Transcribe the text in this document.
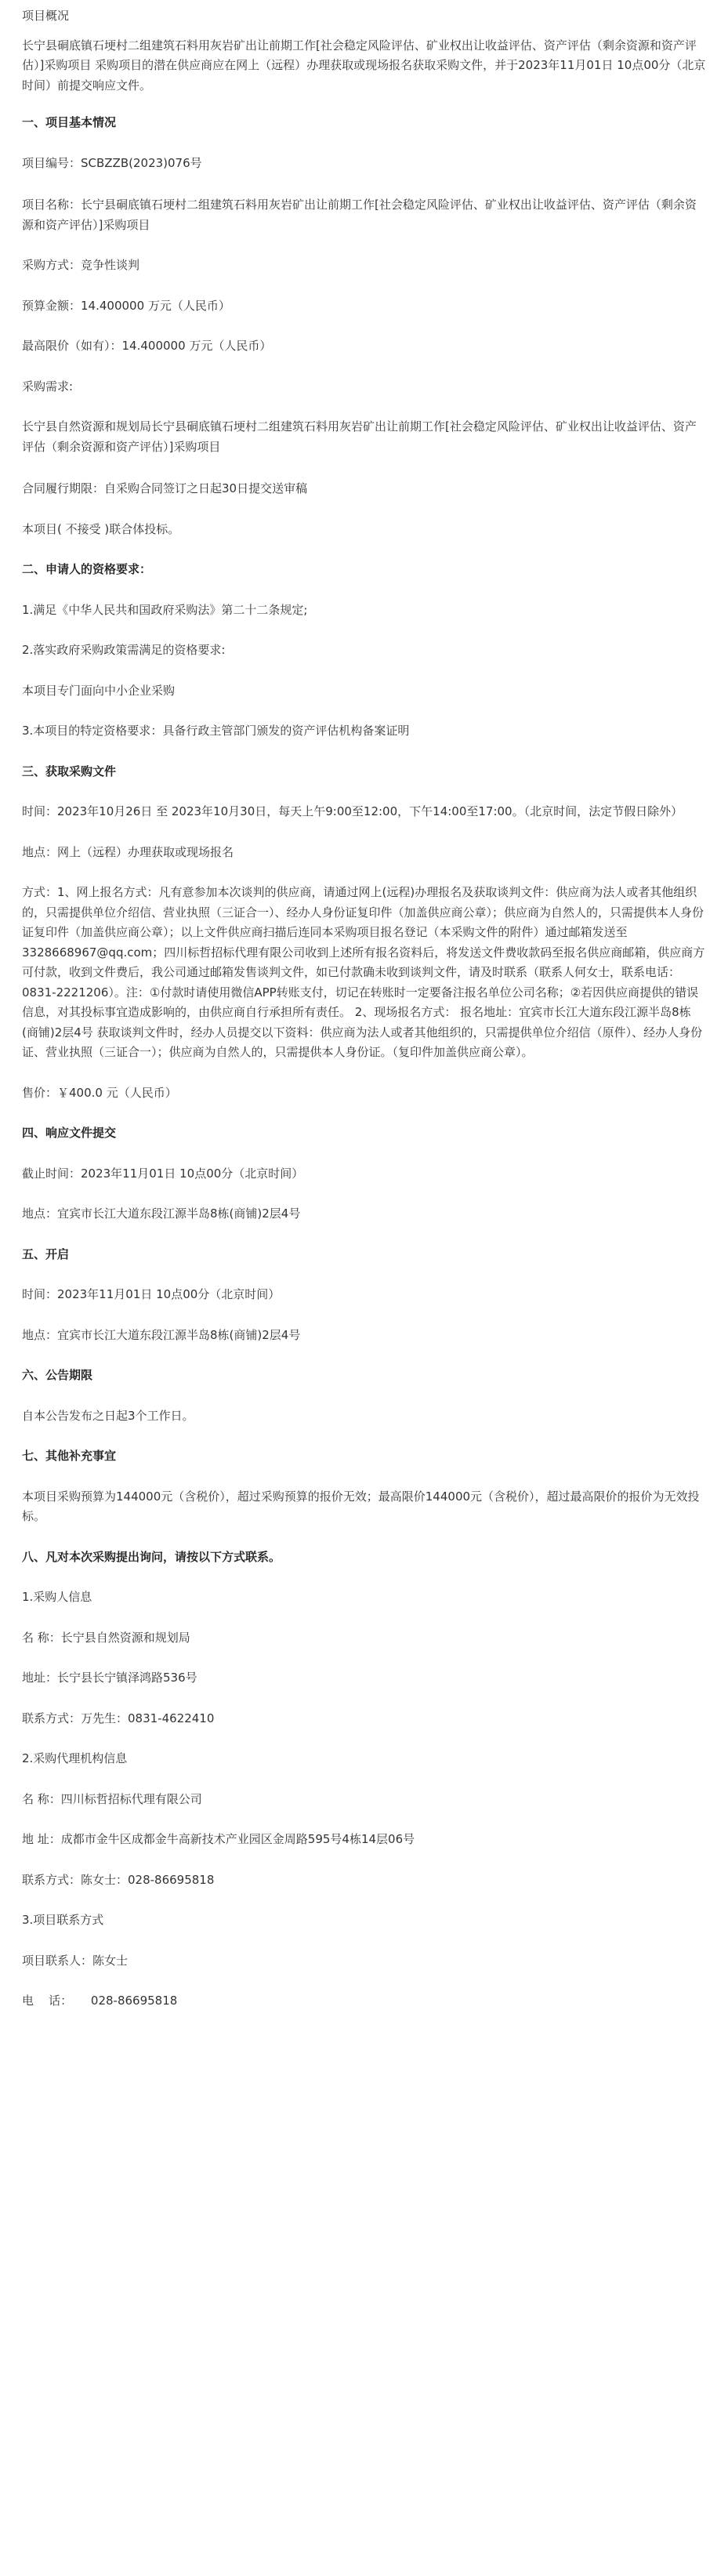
项目概况

长宁县硐底镇石埂村二组建筑石料用灰岩矿出让前期工作[社会稳定风险评估、矿业权出让收益评估、资产评估（剩余资源和资产评估）]采购项目 采购项目的潜在供应商应在网上（远程）办理获取或现场报名获取采购文件，并于2023年11月01日 10点00分（北京时间）前提交响应文件。

一、项目基本情况

项目编号：SCBZZB(2023)076号

项目名称：长宁县硐底镇石埂村二组建筑石料用灰岩矿出让前期工作[社会稳定风险评估、矿业权出让收益评估、资产评估（剩余资源和资产评估）]采购项目

采购方式：竞争性谈判

预算金额：14.400000 万元（人民币）

最高限价（如有）：14.400000 万元（人民币）

采购需求:

长宁县自然资源和规划局长宁县硐底镇石埂村二组建筑石料用灰岩矿出让前期工作[社会稳定风险评估、矿业权出让收益评估、资产评估（剩余资源和资产评估）]采购项目

合同履行期限：自采购合同签订之日起30日提交送审稿

本项目( 不接受 )联合体投标。

二、申请人的资格要求：

1.满足《中华人民共和国政府采购法》第二十二条规定;

2.落实政府采购政策需满足的资格要求:

本项目专门面向中小企业采购

3.本项目的特定资格要求：具备行政主管部门颁发的资产评估机构备案证明

三、获取采购文件

时间：2023年10月26日 至 2023年10月30日，每天上午9:00至12:00，下午14:00至17:00。（北京时间，法定节假日除外）

地点：网上（远程）办理获取或现场报名

方式：1、网上报名方式：凡有意参加本次谈判的供应商，请通过网上(远程)办理报名及获取谈判文件：供应商为法人或者其他组织的，只需提供单位介绍信、营业执照（三证合一）、经办人身份证复印件（加盖供应商公章）；供应商为自然人的，只需提供本人身份证复印件（加盖供应商公章）；以上文件供应商扫描后连同本采购项目报名登记（本采购文件的附件）通过邮箱发送至3328668967@qq.com；四川标哲招标代理有限公司收到上述所有报名资料后，将发送文件费收款码至报名供应商邮箱，供应商方可付款，收到文件费后，我公司通过邮箱发售谈判文件，如已付款确未收到谈判文件，请及时联系（联系人何女士，联系电话：0831-2221206）。注：①付款时请使用微信APP转账支付，切记在转账时一定要备注报名单位公司名称；②若因供应商提供的错误信息，对其投标事宜造成影响的，由供应商自行承担所有责任。 2、现场报名方式： 报名地址：宜宾市长江大道东段江源半岛8栋(商铺)2层4号 获取谈判文件时，经办人员提交以下资料：供应商为法人或者其他组织的，只需提供单位介绍信（原件）、经办人身份证、营业执照（三证合一）；供应商为自然人的，只需提供本人身份证。（复印件加盖供应商公章）。

售价：￥400.0 元（人民币）

四、响应文件提交

截止时间：2023年11月01日 10点00分（北京时间）

地点：宜宾市长江大道东段江源半岛8栋(商铺)2层4号

五、开启

时间：2023年11月01日 10点00分（北京时间）

地点：宜宾市长江大道东段江源半岛8栋(商铺)2层4号

六、公告期限

自本公告发布之日起3个工作日。

七、其他补充事宜

本项目采购预算为144000元（含税价），超过采购预算的报价无效；最高限价144000元（含税价），超过最高限价的报价为无效投标。

八、凡对本次采购提出询问，请按以下方式联系。

1.采购人信息

名 称：长宁县自然资源和规划局

地址：长宁县长宁镇泽鸿路536号

联系方式：万先生：0831-4622410

2.采购代理机构信息

名 称：四川标哲招标代理有限公司

地 址：成都市金牛区成都金牛高新技术产业园区金周路595号4栋14层06号

联系方式：陈女士：028-86695818

3.项目联系方式

项目联系人：陈女士

电    话：     028-86695818
